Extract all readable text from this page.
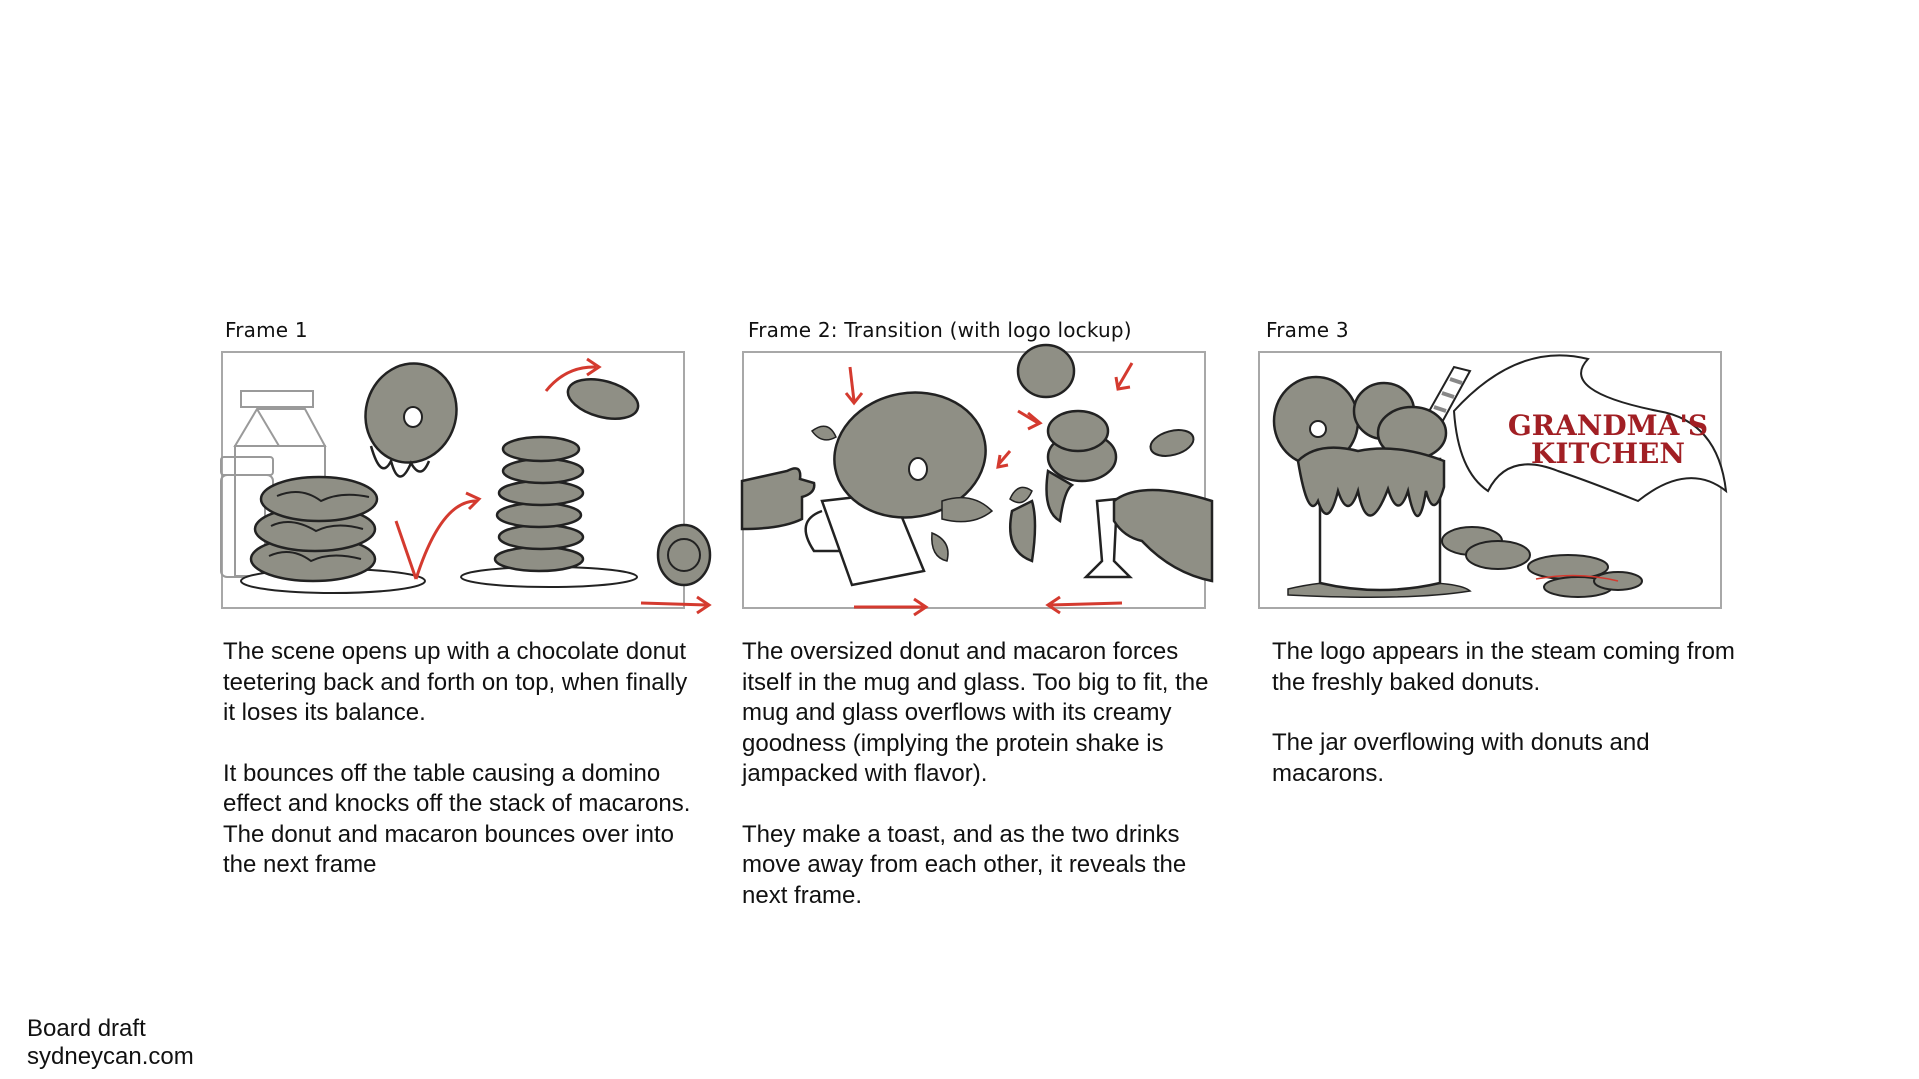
Frame 1

The scene opens up with a chocolate donut teetering back and forth on top, when finally it loses its balance.

It bounces off the table causing a domino effect and knocks off the stack of macarons. The donut and macaron bounces over into the next frame

Frame 2: Transition (with logo lockup)

The oversized donut and macaron forces itself in the mug and glass. Too big to fit, the mug and glass overflows with its creamy goodness (implying the protein shake is jampacked with flavor).

They make a toast, and as the two drinks move away from each other, it reveals the next frame.

Frame 3
GRANDMA'S
KITCHEN

The logo appears in the steam coming from the freshly baked donuts.

The jar overflowing with donuts and macarons.

Board draft
sydneycan.com
